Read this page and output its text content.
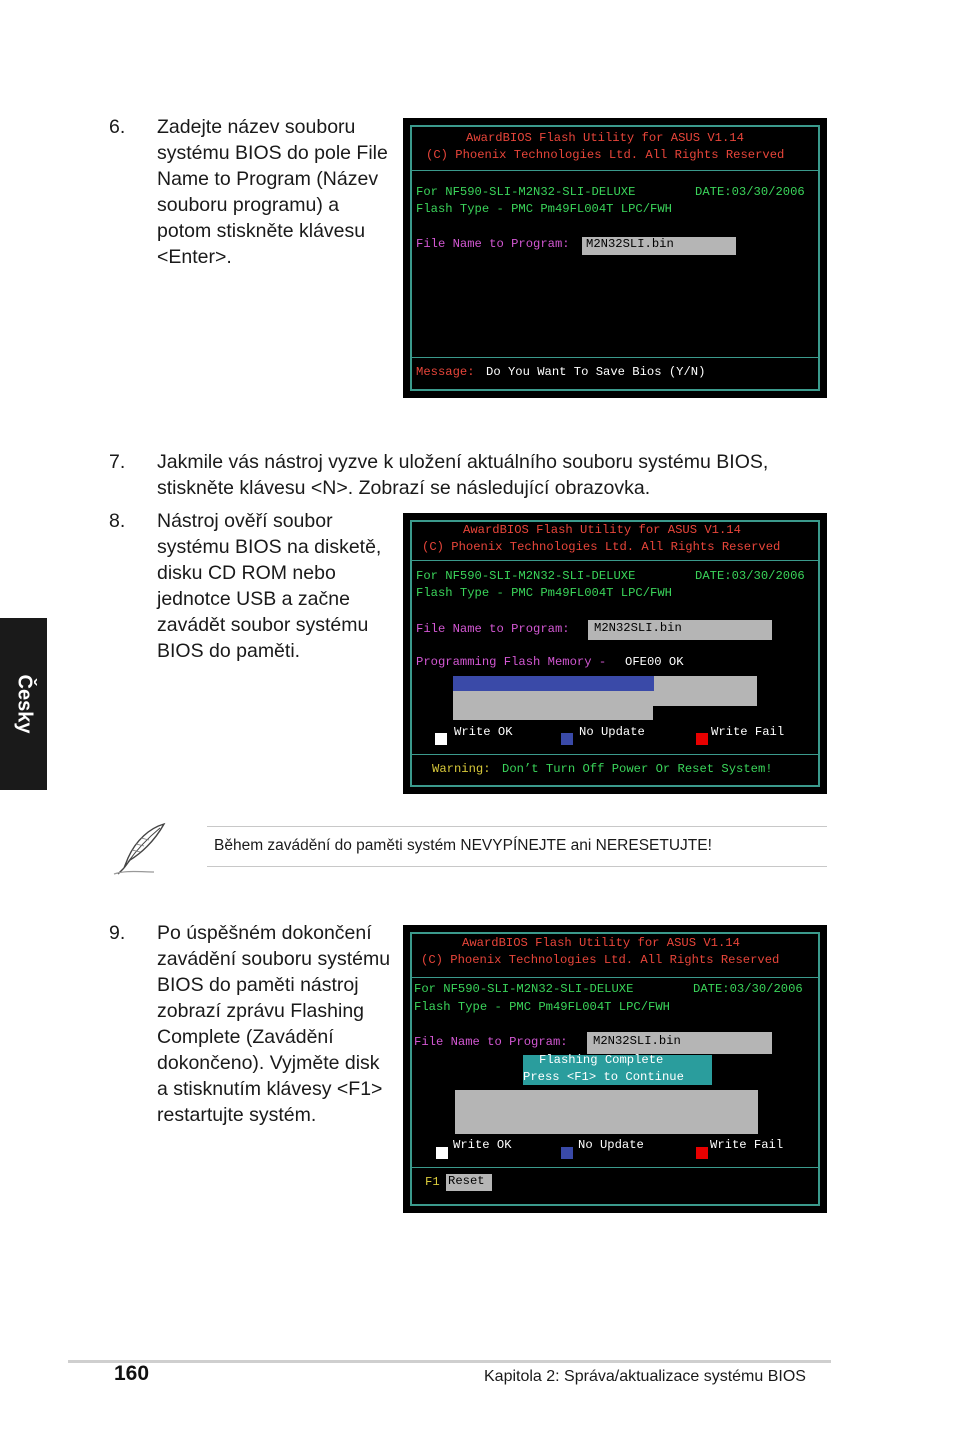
Česky
6. Zadejte název souboru
systému BIOS do pole File
Name to Program (Název
souboru programu) a
potom stiskněte klávesu
<Enter>.
AwardBIOS Flash Utility for ASUS V1.14
(C) Phoenix Technologies Ltd. All Rights Reserved
For NF590-SLI-M2N32-SLI-DELUXE	DATE:03/30/2006
Flash Type - PMC Pm49FL004T LPC/FWH
File Name to Program:	M2N32SLI.bin
Message: Do You Want To Save Bios (Y/N)
7. Jakmile vás nástroj vyzve k uložení aktuálního souboru systému BIOS,
stiskněte klávesu <N>. Zobrazí se následující obrazovka.
8. Nástroj ověří soubor
systému BIOS na disketě,
disku CD ROM nebo
jednotce USB a začne
zavádět soubor systému
BIOS do paměti.
AwardBIOS Flash Utility for ASUS V1.14
(C) Phoenix Technologies Ltd. All Rights Reserved
For NF590-SLI-M2N32-SLI-DELUXE	DATE:03/30/2006
Flash Type - PMC Pm49FL004T LPC/FWH
File Name to Program:	M2N32SLI.bin
Programming Flash Memory - OFE00 OK
Write OK	No Update	Write Fail
Warning: Don’t Turn Off Power Or Reset System!
Během zavádění do paměti systém NEVYPÍNEJTE ani NERESETUJTE!
9. Po úspěšném dokončení
zavádění souboru systému
BIOS do paměti nástroj
zobrazí zprávu Flashing
Complete (Zavádění
dokončeno). Vyjměte disk
a stisknutím klávesy <F1>
restartujte systém.
AwardBIOS Flash Utility for ASUS V1.14
(C) Phoenix Technologies Ltd. All Rights Reserved
For NF590-SLI-M2N32-SLI-DELUXE	DATE:03/30/2006
Flash Type - PMC Pm49FL004T LPC/FWH
File Name to Program:	M2N32SLI.bin
Flashing Complete
Press <F1> to Continue
Write OK	No Update	Write Fail
F1 Reset
160	Kapitola 2: Správa/aktualizace systému BIOS
